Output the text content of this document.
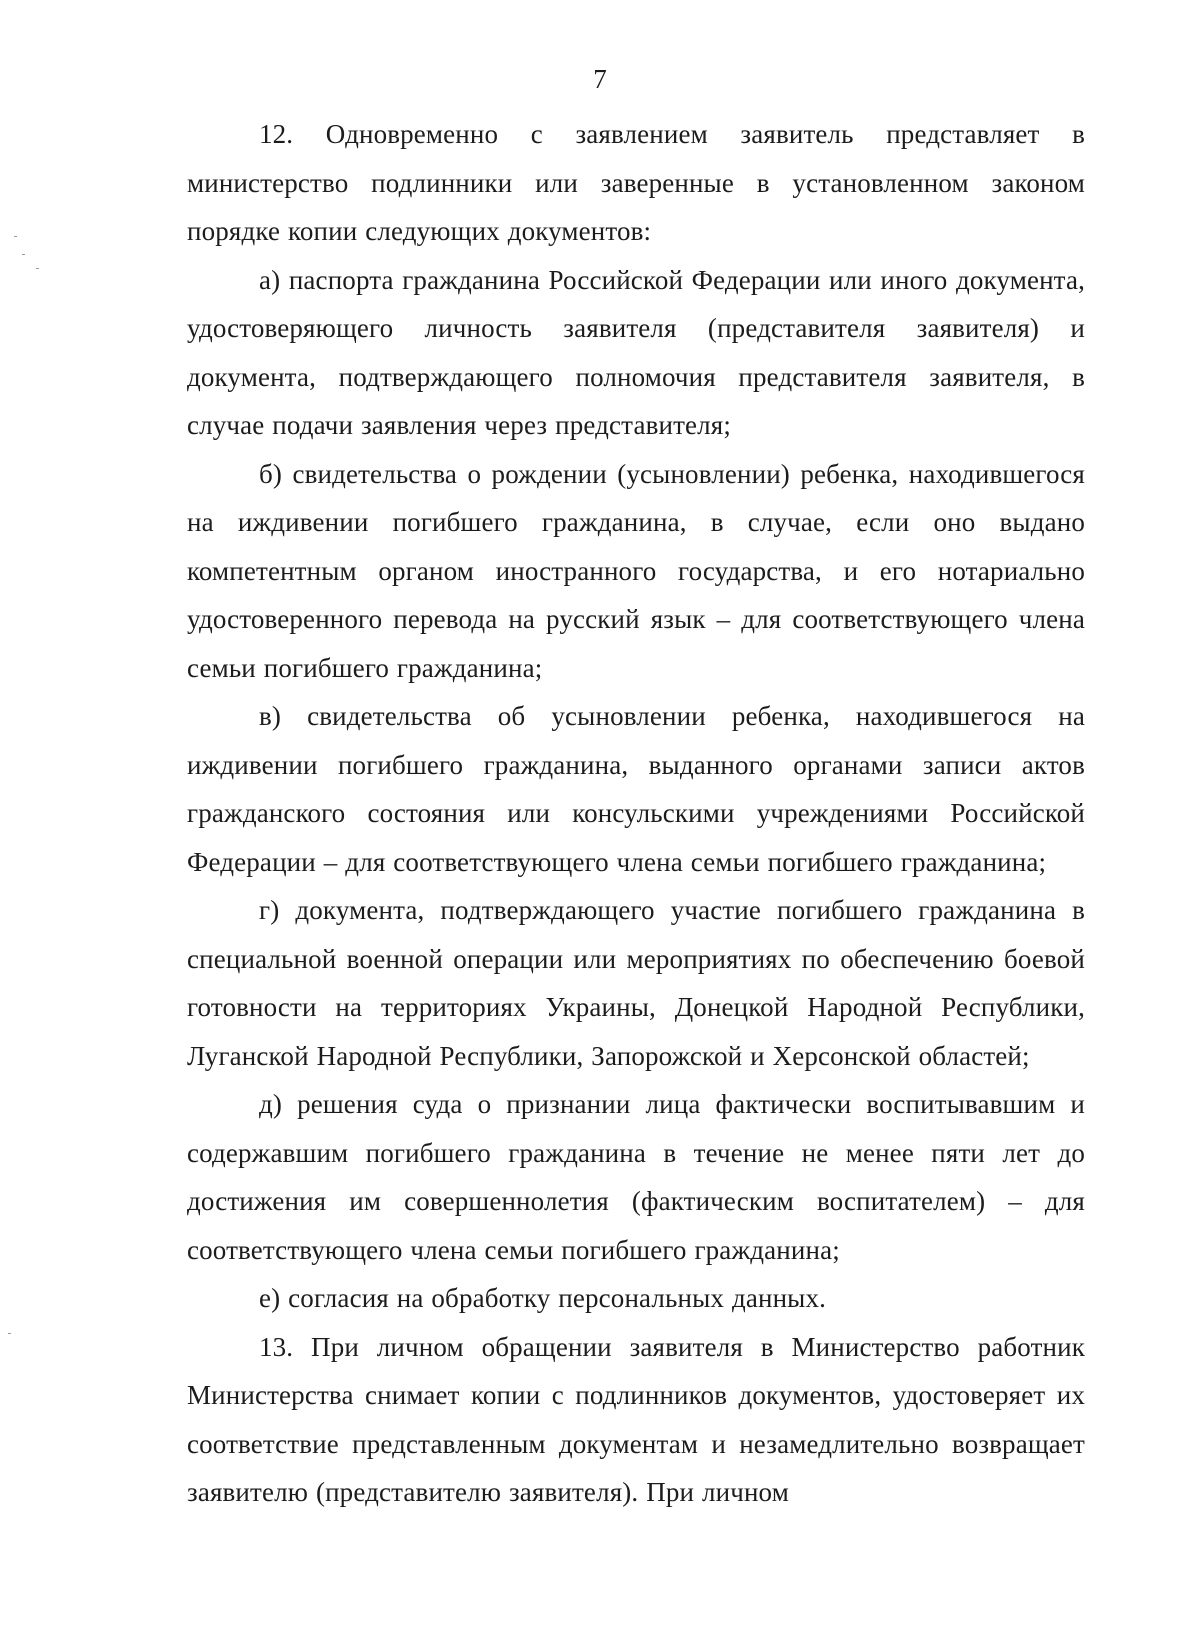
7

12. Одновременно с заявлением заявитель представляет в министерство подлинники или заверенные в установленном законом порядке копии следующих документов:

а) паспорта гражданина Российской Федерации или иного документа, удостоверяющего личность заявителя (представителя заявителя) и документа, подтверждающего полномочия представителя заявителя, в случае подачи заявления через представителя;

б) свидетельства о рождении (усыновлении) ребенка, находившегося на иждивении погибшего гражданина, в случае, если оно выдано компетентным органом иностранного государства, и его нотариально удостоверенного перевода на русский язык – для соответствующего члена семьи погибшего гражданина;

в) свидетельства об усыновлении ребенка, находившегося на иждивении погибшего гражданина, выданного органами записи актов гражданского состояния или консульскими учреждениями Российской Федерации – для соответствующего члена семьи погибшего гражданина;

г) документа, подтверждающего участие погибшего гражданина в специальной военной операции или мероприятиях по обеспечению боевой готовности на территориях Украины, Донецкой Народной Республики, Луганской Народной Республики, Запорожской и Херсонской областей;

д) решения суда о признании лица фактически воспитывавшим и содержавшим погибшего гражданина в течение не менее пяти лет до достижения им совершеннолетия (фактическим воспитателем) – для соответствующего члена семьи погибшего гражданина;

е) согласия на обработку персональных данных.

13. При личном обращении заявителя в Министерство работник Министерства снимает копии с подлинников документов, удостоверяет их соответствие представленным документам и незамедлительно возвращает заявителю (представителю заявителя). При личном
